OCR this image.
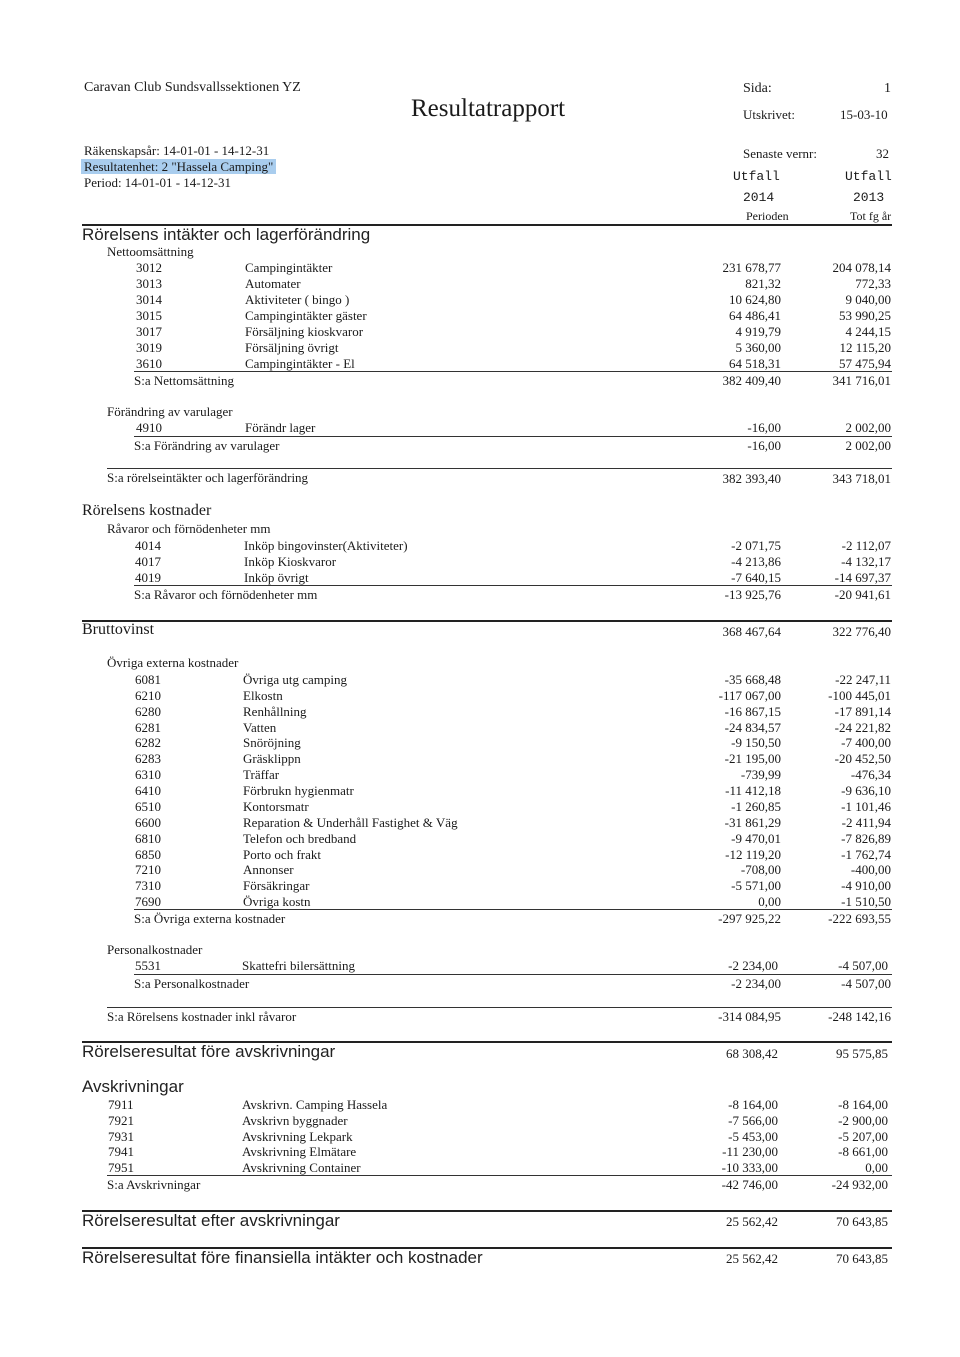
Caravan Club Sundsvallssektionen YZ
Resultatrapport
Sida:	1
Utskrivet:	15-03-10
Räkenskapsår: 14-01-01 - 14-12-31
Resultatenhet: 2 "Hassela Camping"
Period: 14-01-01 - 14-12-31
Senaste vernr:	32
Utfall	Utfall
2014	2013
Perioden	Tot fg år
Rörelsens intäkter och lagerförändring
Nettoomsättning
3012	Campingintäkter	231 678,77	204 078,14
3013	Automater	821,32	772,33
3014	Aktiviteter ( bingo )	10 624,80	9 040,00
3015	Campingintäkter gäster	64 486,41	53 990,25
3017	Försäljning kioskvaror	4 919,79	4 244,15
3019	Försäljning övrigt	5 360,00	12 115,20
3610	Campingintäkter - El	64 518,31	57 475,94
S:a Nettomsättning	382 409,40	341 716,01
Förändring av varulager
4910	Förändr lager	-16,00	2 002,00
S:a Förändring av varulager	-16,00	2 002,00
S:a rörelseintäkter och lagerförändring	382 393,40	343 718,01
Rörelsens kostnader
Råvaror och förnödenheter mm
4014	Inköp bingovinster(Aktiviteter)	-2 071,75	-2 112,07
4017	Inköp Kioskvaror	-4 213,86	-4 132,17
4019	Inköp övrigt	-7 640,15	-14 697,37
S:a Råvaror och förnödenheter mm	-13 925,76	-20 941,61
Bruttovinst	368 467,64	322 776,40
Övriga externa kostnader
6081	Övriga utg camping	-35 668,48	-22 247,11
6210	Elkostn	-117 067,00	-100 445,01
6280	Renhållning	-16 867,15	-17 891,14
6281	Vatten	-24 834,57	-24 221,82
6282	Snöröjning	-9 150,50	-7 400,00
6283	Gräsklippn	-21 195,00	-20 452,50
6310	Träffar	-739,99	-476,34
6410	Förbrukn hygienmatr	-11 412,18	-9 636,10
6510	Kontorsmatr	-1 260,85	-1 101,46
6600	Reparation & Underhåll Fastighet & Väg	-31 861,29	-2 411,94
6810	Telefon och bredband	-9 470,01	-7 826,89
6850	Porto och frakt	-12 119,20	-1 762,74
7210	Annonser	-708,00	-400,00
7310	Försäkringar	-5 571,00	-4 910,00
7690	Övriga kostn	0,00	-1 510,50
S:a Övriga externa kostnader	-297 925,22	-222 693,55
Personalkostnader
5531	Skattefri bilersättning	-2 234,00	-4 507,00
S:a Personalkostnader	-2 234,00	-4 507,00
S:a Rörelsens kostnader inkl råvaror	-314 084,95	-248 142,16
Rörelseresultat före avskrivningar	68 308,42	95 575,85
Avskrivningar
7911	Avskrivn. Camping Hassela	-8 164,00	-8 164,00
7921	Avskrivn byggnader	-7 566,00	-2 900,00
7931	Avskrivning Lekpark	-5 453,00	-5 207,00
7941	Avskrivning Elmätare	-11 230,00	-8 661,00
7951	Avskrivning Container	-10 333,00	0,00
S:a Avskrivningar	-42 746,00	-24 932,00
Rörelseresultat efter avskrivningar	25 562,42	70 643,85
Rörelseresultat före finansiella intäkter och kostnader	25 562,42	70 643,85
